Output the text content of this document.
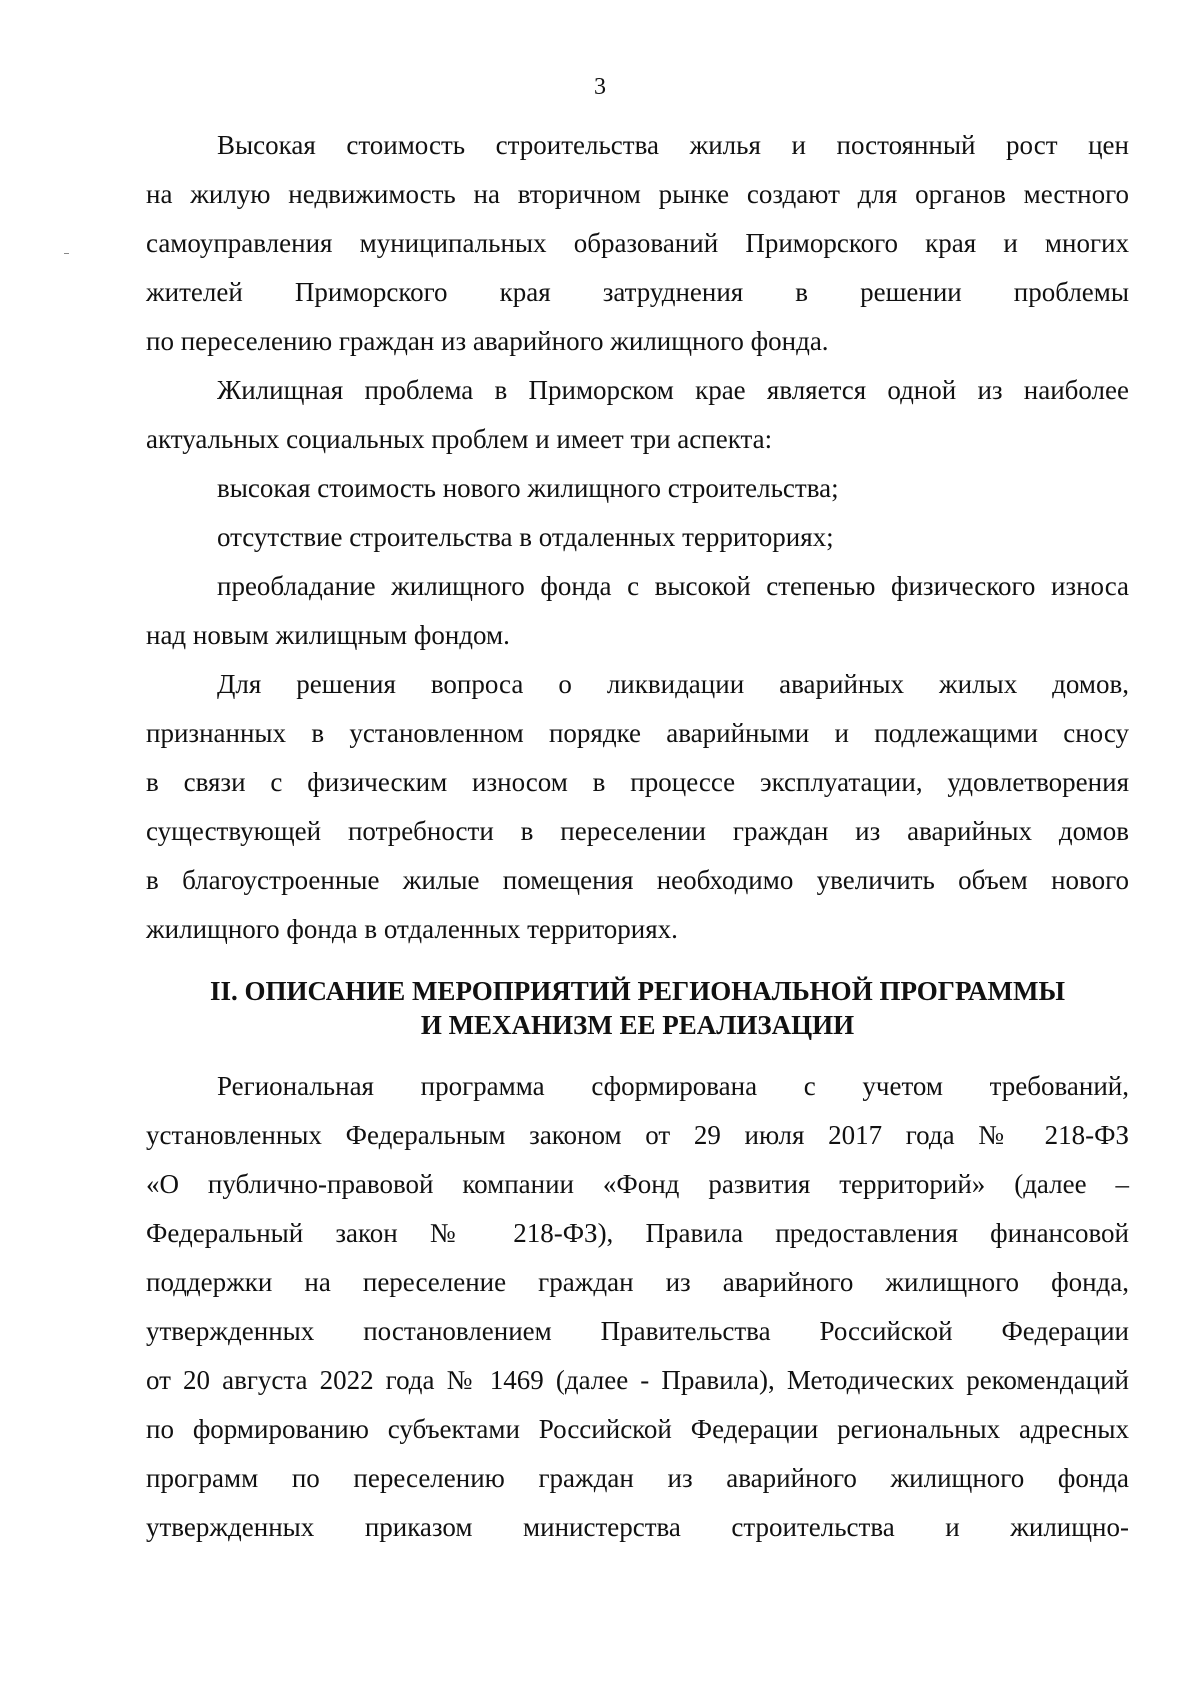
3

Высокая стоимость строительства жилья и постоянный рост цен
на жилую недвижимость на вторичном рынке создают для органов местного
самоуправления муниципальных образований Приморского края и многих
жителей Приморского края затруднения в решении проблемы
по переселению граждан из аварийного жилищного фонда.

Жилищная проблема в Приморском крае является одной из наиболее
актуальных социальных проблем и имеет три аспекта:

высокая стоимость нового жилищного строительства;

отсутствие строительства в отдаленных территориях;

преобладание жилищного фонда с высокой степенью физического износа
над новым жилищным фондом.

Для решения вопроса о ликвидации аварийных жилых домов,
признанных в установленном порядке аварийными и подлежащими сносу
в связи с физическим износом в процессе эксплуатации, удовлетворения
существующей потребности в переселении граждан из аварийных домов
в благоустроенные жилые помещения необходимо увеличить объем нового
жилищного фонда в отдаленных территориях.

II. ОПИСАНИЕ МЕРОПРИЯТИЙ РЕГИОНАЛЬНОЙ ПРОГРАММЫ
И МЕХАНИЗМ ЕЕ РЕАЛИЗАЦИИ

Региональная программа сформирована с учетом требований,
установленных Федеральным законом от 29 июля 2017 года № 218-ФЗ
«О публично-правовой компании «Фонд развития территорий» (далее –
Федеральный закон № 218-ФЗ), Правила предоставления финансовой
поддержки на переселение граждан из аварийного жилищного фонда,
утвержденных постановлением Правительства Российской Федерации
от 20 августа 2022 года № 1469 (далее - Правила), Методических рекомендаций
по формированию субъектами Российской Федерации региональных адресных
программ по переселению граждан из аварийного жилищного фонда
утвержденных приказом министерства строительства и жилищно-
